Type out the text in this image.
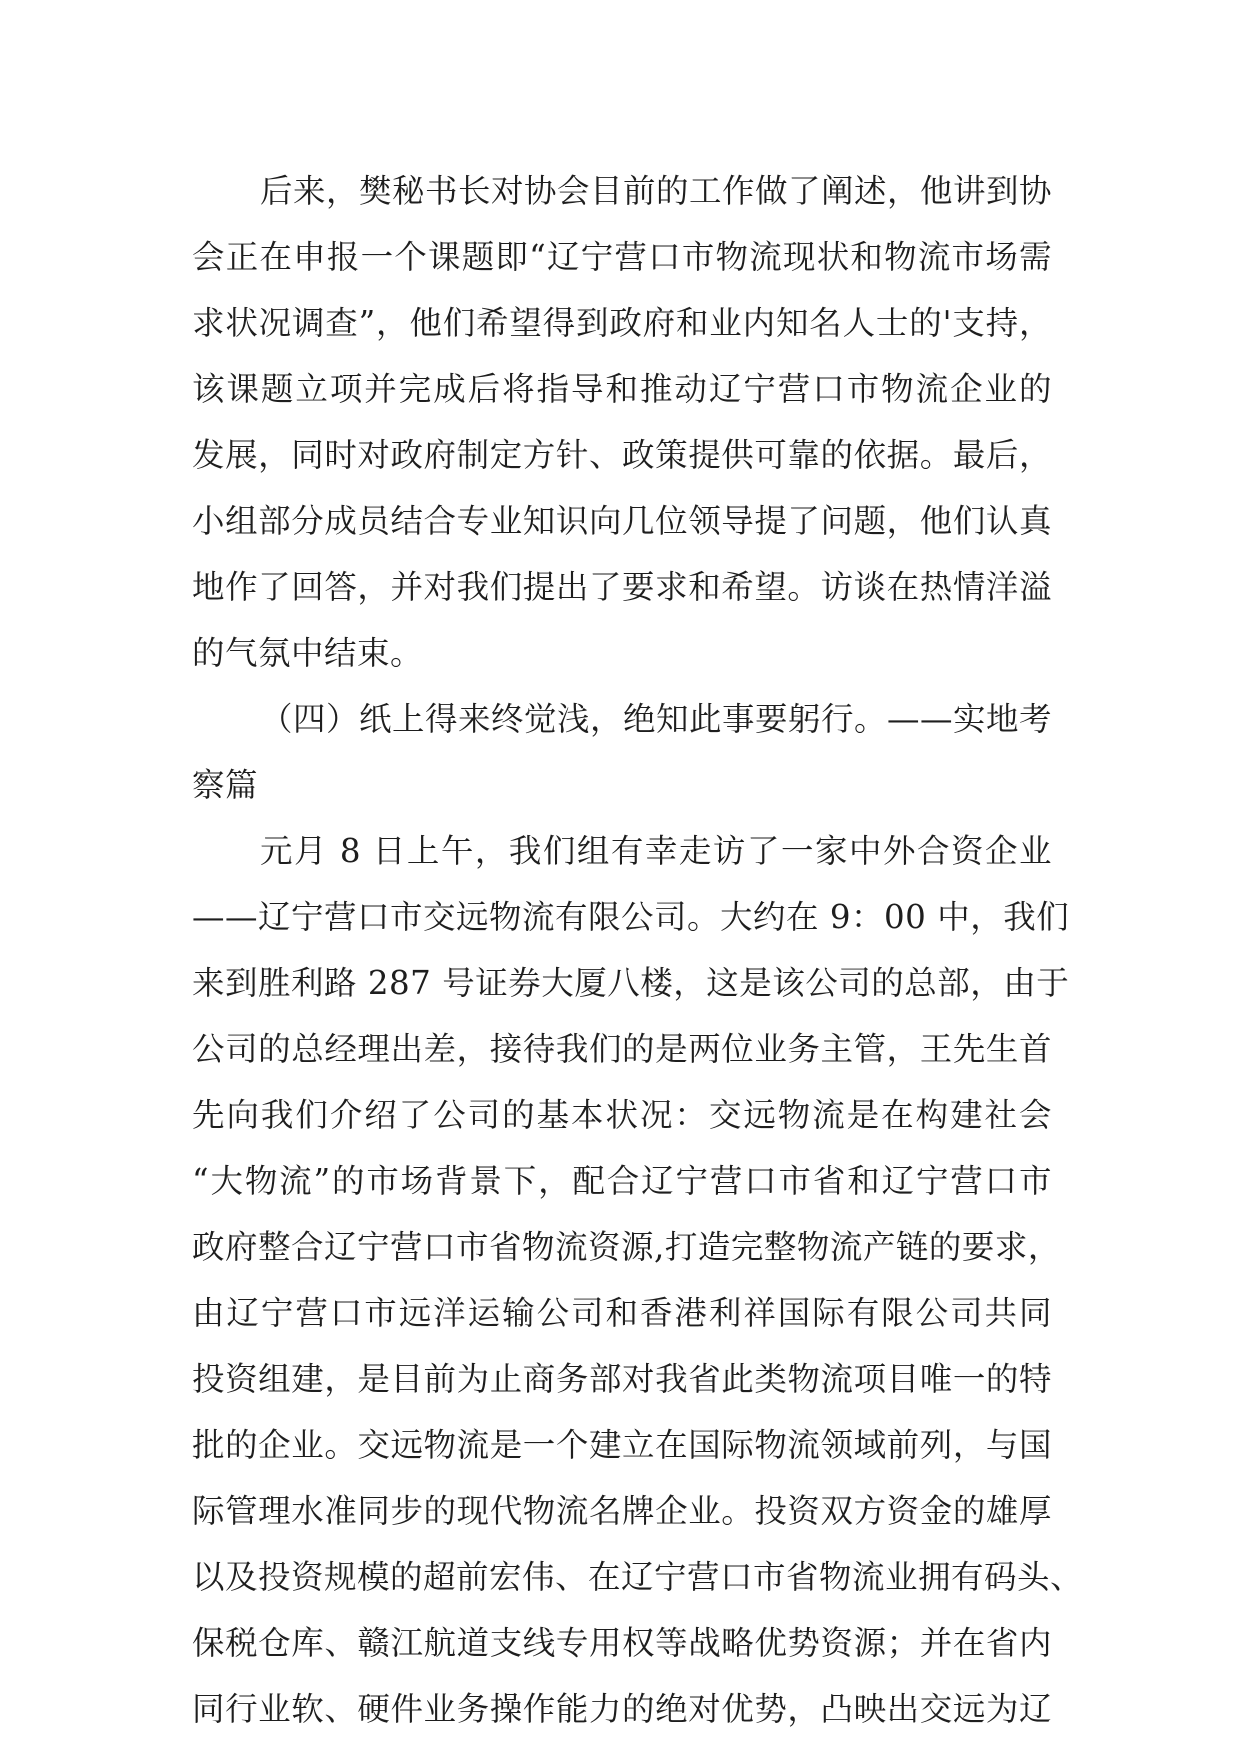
后来，樊秘书长对协会目前的工作做了阐述，他讲到协
会正在申报一个课题即“辽宁营口市物流现状和物流市场需
求状况调查”，他们希望得到政府和业内知名人士的'支持，
该课题立项并完成后将指导和推动辽宁营口市物流企业的
发展，同时对政府制定方针、政策提供可靠的依据。最后，
小组部分成员结合专业知识向几位领导提了问题，他们认真
地作了回答，并对我们提出了要求和希望。访谈在热情洋溢
的气氛中结束。
（四）纸上得来终觉浅，绝知此事要躬行。——实地考
察篇
元月 8 日上午，我们组有幸走访了一家中外合资企业
——辽宁营口市交远物流有限公司。大约在 9：00 中，我们
来到胜利路 287 号证券大厦八楼，这是该公司的总部，由于
公司的总经理出差，接待我们的是两位业务主管，王先生首
先向我们介绍了公司的基本状况：交远物流是在构建社会
“大物流”的市场背景下，配合辽宁营口市省和辽宁营口市
政府整合辽宁营口市省物流资源,打造完整物流产链的要求，
由辽宁营口市远洋运输公司和香港利祥国际有限公司共同
投资组建，是目前为止商务部对我省此类物流项目唯一的特
批的企业。交远物流是一个建立在国际物流领域前列，与国
际管理水准同步的现代物流名牌企业。投资双方资金的雄厚
以及投资规模的超前宏伟、在辽宁营口市省物流业拥有码头、
保税仓库、赣江航道支线专用权等战略优势资源；并在省内
同行业软、硬件业务操作能力的绝对优势，凸映出交远为辽
